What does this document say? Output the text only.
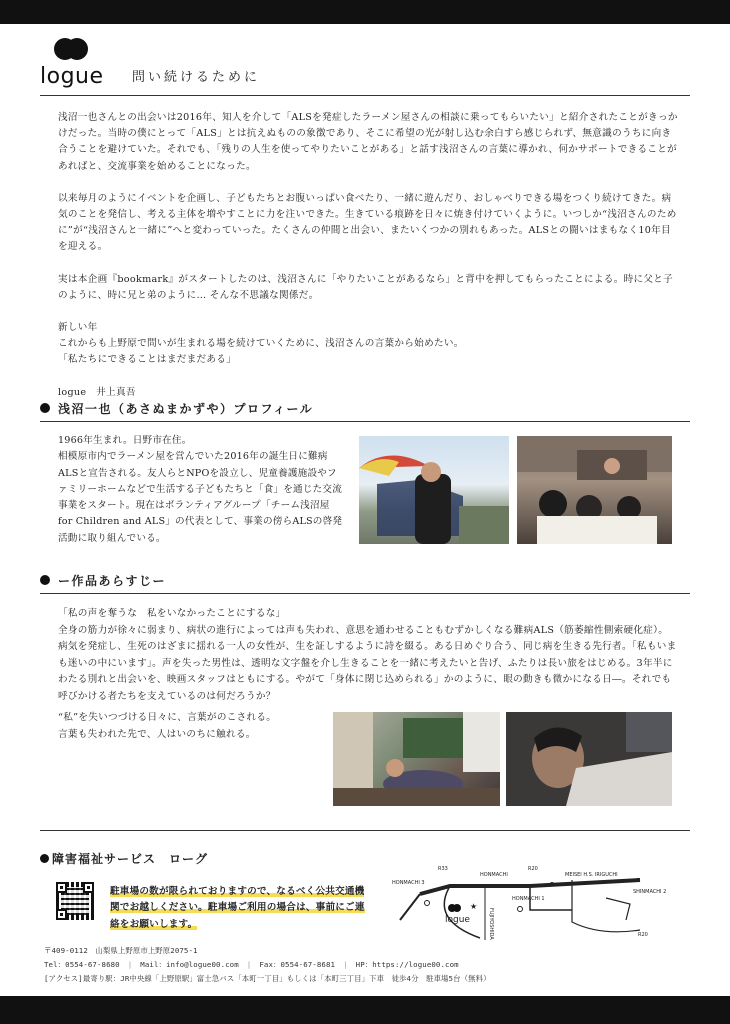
logue 問い続けるために

浅沼一也さんとの出会いは2016年、知人を介して「ALSを発症したラーメン屋さんの相談に乗ってもらいたい」と紹介されたことがきっかけだった。当時の僕にとって「ALS」とは抗えぬものの象徴であり、そこに希望の光が射し込む余白すら感じられず、無意識のうちに向き合うことを避けていた。それでも、「残りの人生を使ってやりたいことがある」と話す浅沼さんの言葉に導かれ、何かサポートできることがあればと、交流事業を始めることになった。

以来毎月のようにイベントを企画し、子どもたちとお腹いっぱい食べたり、一緒に遊んだり、おしゃべりできる場をつくり続けてきた。病気のことを発信し、考える主体を増やすことに力を注いできた。生きている痕跡を日々に焼き付けていくように。いつしか“浅沼さんのために”が“浅沼さんと一緒に”へと変わっていった。たくさんの仲間と出会い、またいくつかの別れもあった。ALSとの闘いはまもなく10年目を迎える。

実は本企画『bookmark』がスタートしたのは、浅沼さんに「やりたいことがあるなら」と背中を押してもらったことによる。時に父と子のように、時に兄と弟のように… そんな不思議な関係だ。

新しい年
これからも上野原で問いが生まれる場を続けていくために、浅沼さんの言葉から始めたい。
「私たちにできることはまだまだある」

logue　井上真吾

浅沼一也（あさぬまかずや）プロフィール
1966年生まれ。日野市在住。
相模原市内でラーメン屋を営んでいた2016年の誕生日に難病ALSと宣告される。友人らとNPOを設立し、児童養護施設やファミリーホームなどで生活する子どもたちと「食」を通じた交流事業をスタート。現在はボランティアグループ「チーム浅沼屋 for Children and ALS」の代表として、事業の傍らALSの啓発活動に取り組んでいる。
ー作品あらすじー
「私の声を奪うな　私をいなかったことにするな」
全身の筋力が徐々に弱まり、病状の進行によっては声も失われ、意思を通わせることもむずかしくなる難病ALS（筋萎縮性側索硬化症）。病気を発症し、生死のはざまに揺れる一人の女性が、生を証しするように詩を綴る。ある日めぐり合う、同じ病を生きる先行者。「私もいまも迷いの中にいます」。声を失った男性は、透明な文字盤を介し生きることを一緒に考えたいと告げ、ふたりは長い旅をはじめる。3年半にわたる別れと出会いを、映画スタッフはともにする。やがて「身体に閉じ込められる」かのように、眼の動きも微かになる日―。それでも呼びかける者たちを支えているのは何だろうか？
“私”を失いつづける日々に、言葉がのこされる。
言葉も失われた先で、人はいのちに触れる。
障害福祉サービス　ローグ
駐車場の数が限られておりますので、なるべく公共交通機関でお越しください。駐車場ご利用の場合は、事前にご連絡をお願いします。
★
logue
R33	R20
R20
HONMACHI
HONMACHI 3
HONMACHI 1
MEISEI H.S. IRIGUCHI
SHINMACHI 2
FUJIYOSHIDA
〒409-0112　山梨県上野原市上野原2075-1
Tel：0554-67-8680 | Mail：info@logue00.com | Fax：0554-67-8681 | HP：https://logue00.com
[アクセス]最寄り駅：JR中央線「上野原駅」富士急バス「本町一丁目」もしくは「本町三丁目」下車　徒歩4分　駐車場5台（無料）
